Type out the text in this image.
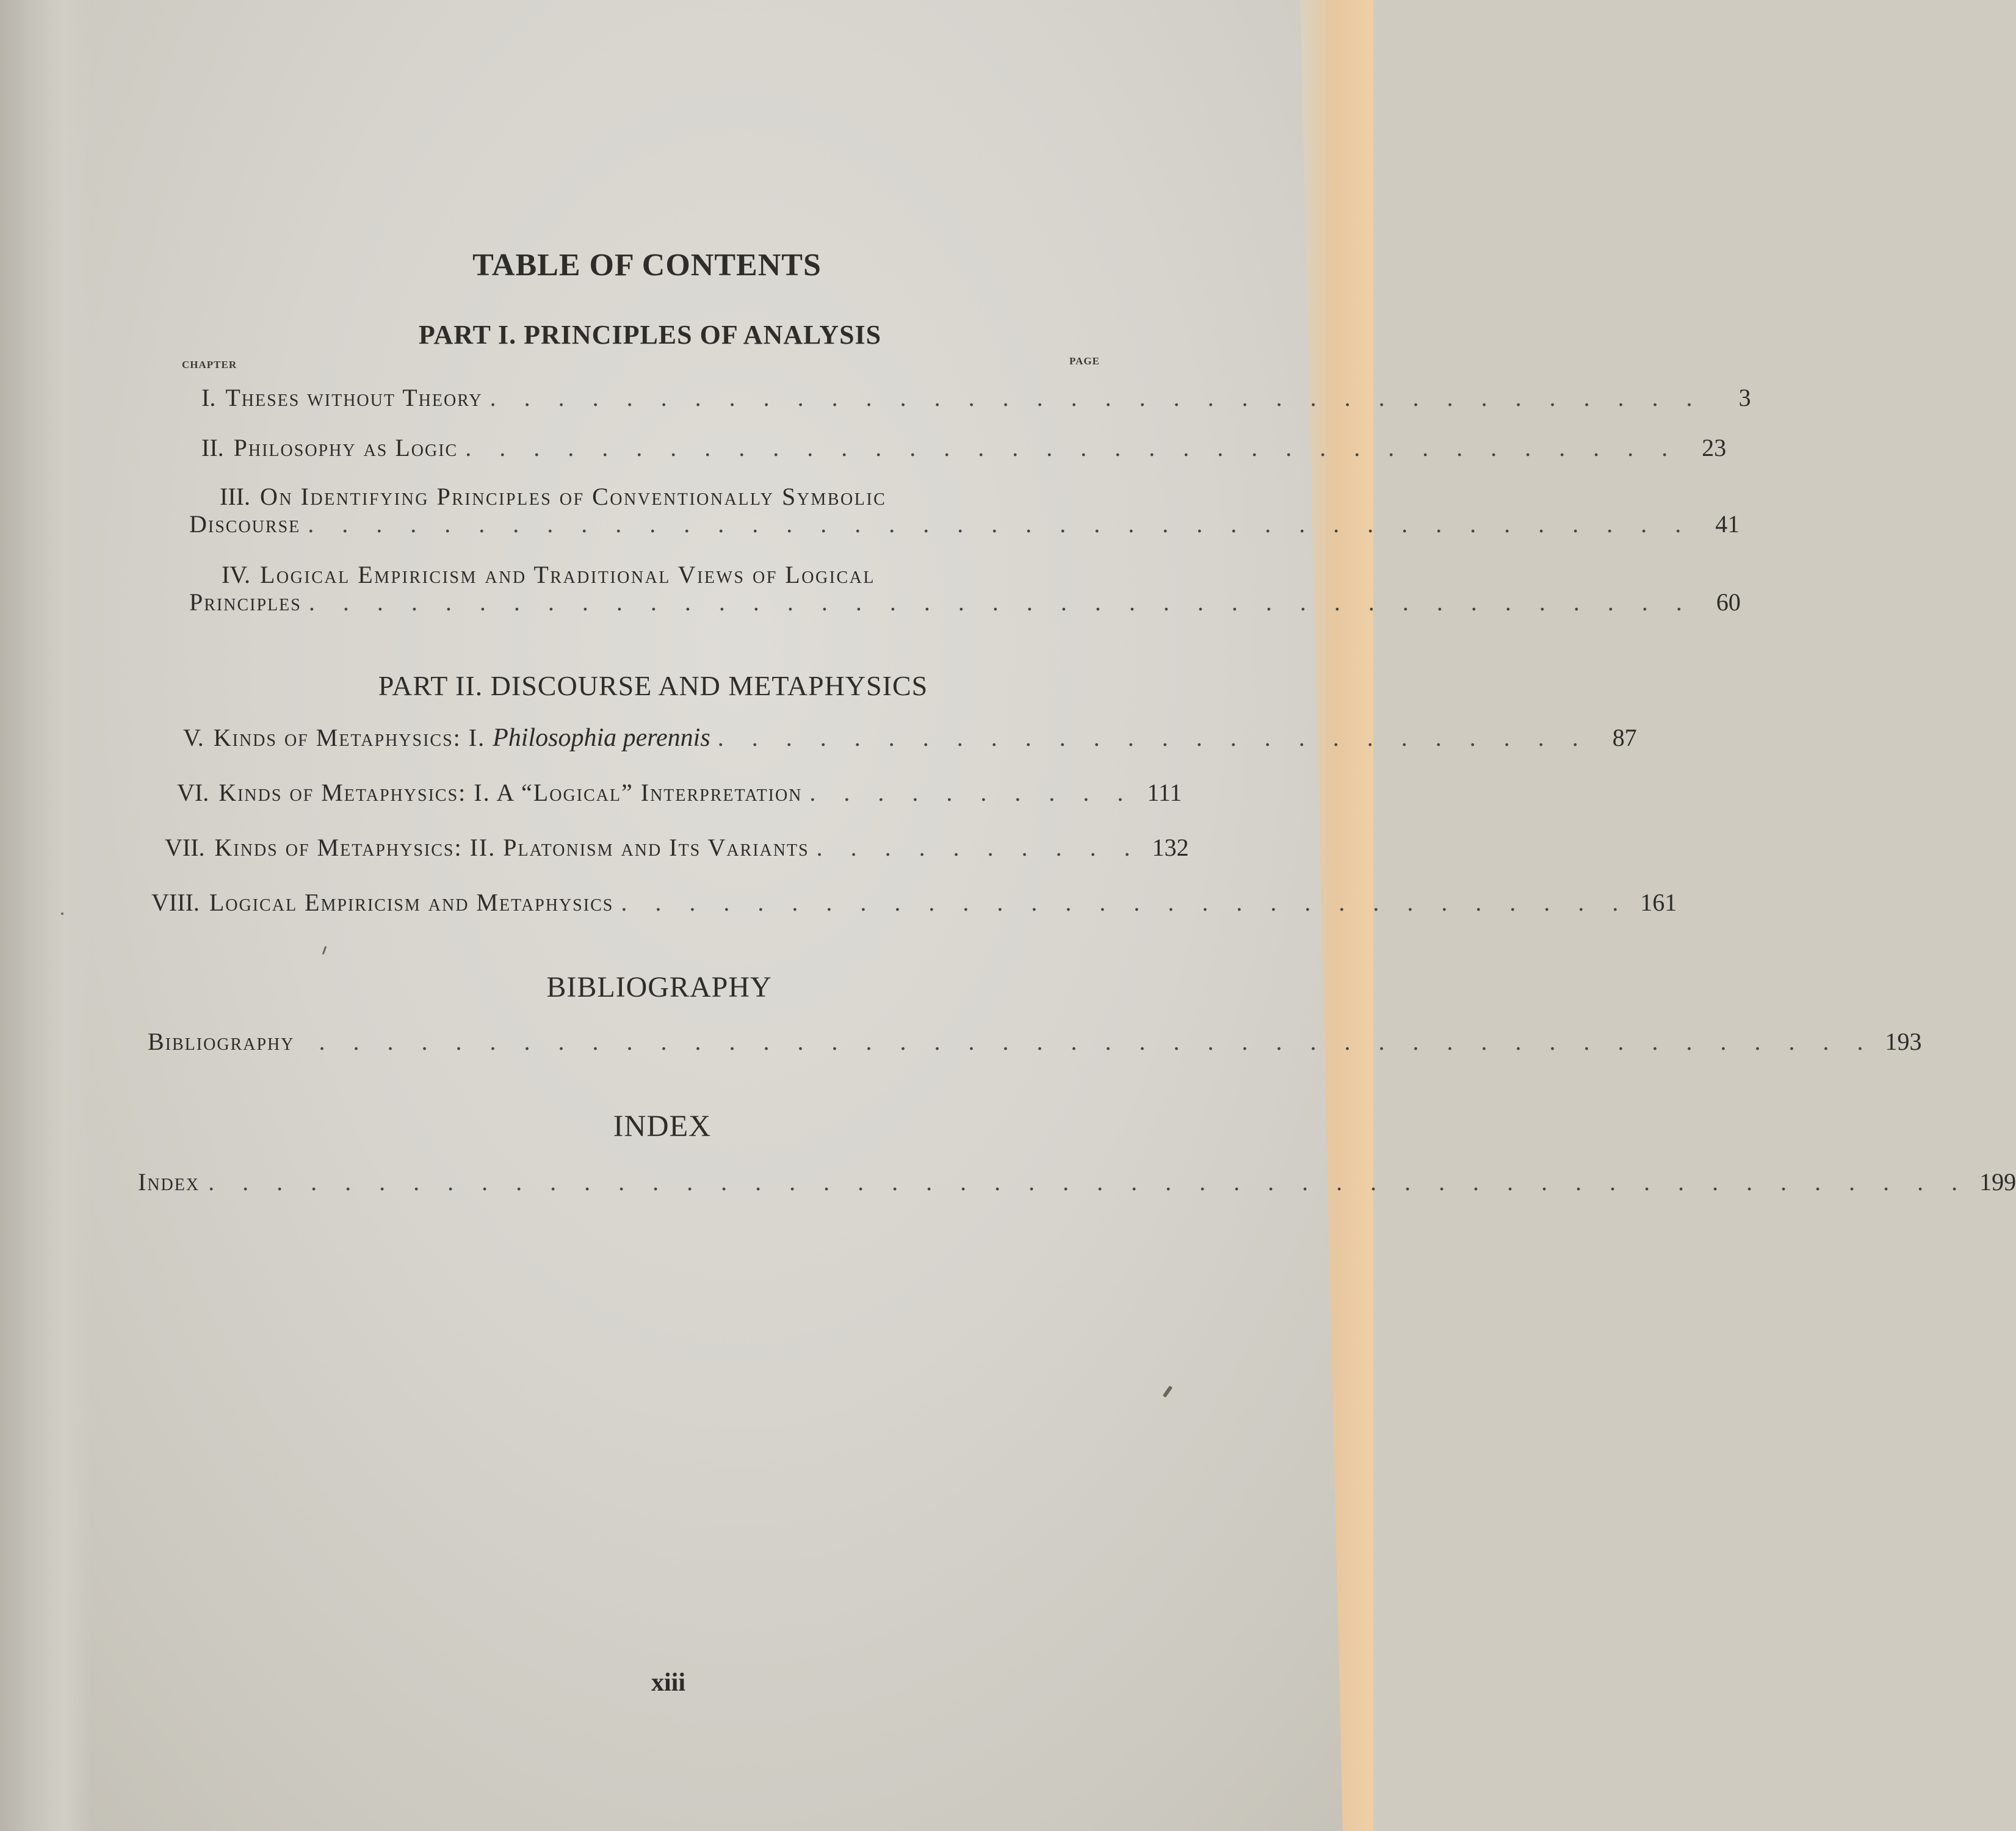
TABLE OF CONTENTS
PART I. PRINCIPLES OF ANALYSIS
CHAPTER	PAGE
I. Theses without Theory . . . . . . . . . . . . . . . . . . . . . . . . . . . . . . . . . . . .	3
II. Philosophy as Logic . . . . . . . . . . . . . . . . . . . . . . . . . . . . . . . . . . . . 23
III. On Identifying Principles of Conventionally Symbolic
Discourse . . . . . . . . . . . . . . . . . . . . . . . . . . . . . . . . . . . . . . . . . 41
IV. Logical Empiricism and Traditional Views of Logical
Principles . . . . . . . . . . . . . . . . . . . . . . . . . . . . . . . . . . . . . . . . . 60
PART II. DISCOURSE AND METAPHYSICS
V. Kinds of Metaphysics: I. Philosophia perennis . . . . . . . . . . . . . . . . . . . . . . . . . . 87
VI. Kinds of Metaphysics: I. A “Logical” Interpretation . . . . . . . . . . 111
VII. Kinds of Metaphysics: II. Platonism and Its Variants . . . . . . . . . . 132
VIII. Logical Empiricism and Metaphysics . . . . . . . . . . . . . . . . . . . . . . . . . . . . . . 161
BIBLIOGRAPHY
Bibliography	. . . . . . . . . . . . . . . . . . . . . . . . . . . . . . . . . . . . . . . . . . . . . . 193
INDEX
Index . . . . . . . . . . . . . . . . . . . . . . . . . . . . . . . . . . . . . . . . . . . . . . . . . . . . 199
xiii
